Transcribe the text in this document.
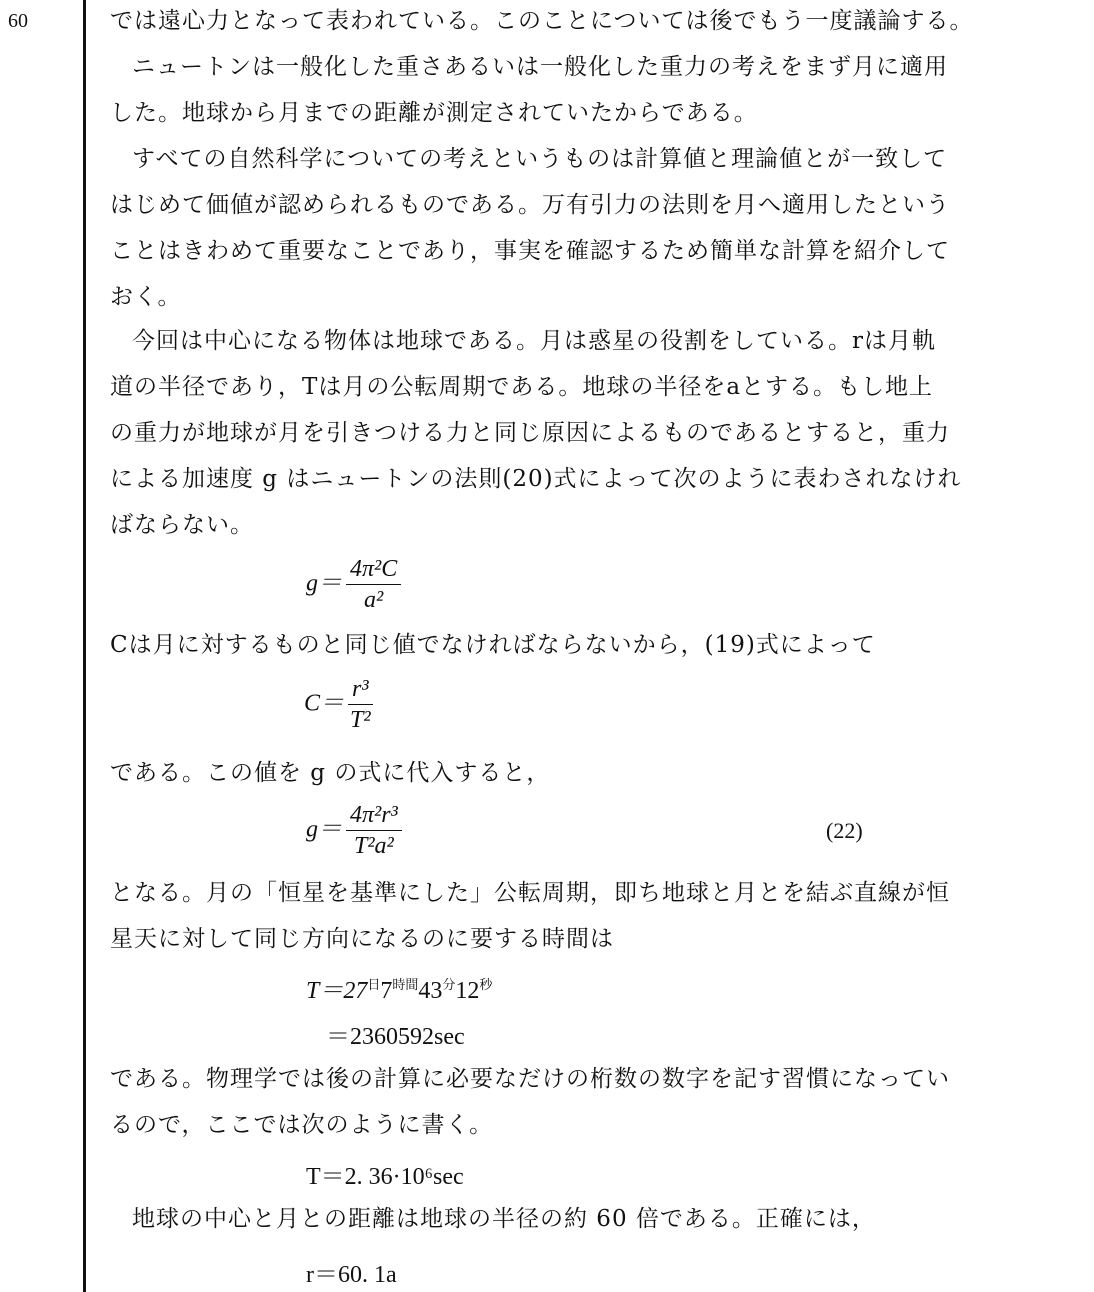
60	では遠心力となって表われている。このことについては後でもう一度議論する。
ニュートンは一般化した重さあるいは一般化した重力の考えをまず月に適用
した。地球から月までの距離が測定されていたからである。
すべての自然科学についての考えというものは計算値と理論値とが一致して
はじめて価値が認められるものである。万有引力の法則を月へ適用したという
ことはきわめて重要なことであり，事実を確認するため簡単な計算を紹介して
おく。
今回は中心になる物体は地球である。月は惑星の役割をしている。rは月軌
道の半径であり，Tは月の公転周期である。地球の半径をaとする。もし地上
の重力が地球が月を引きつける力と同じ原因によるものであるとすると，重力
による加速度 g はニュートンの法則(20)式によって次のように表わされなけれ
ばならない。
$g= \frac{\text{4π²C}}{\text{a²}}$
Cは月に対するものと同じ値でなければならないから，(19)式によって
$C= \frac{\text{r³}}{\text{T²}}$
である。この値を g の式に代入すると，
$g= \frac{\text{4π²r³}}{\text{T²a²}}$	(22)
となる。月の「恒星を基準にした」公転周期，即ち地球と月とを結ぶ直線が恒
星天に対して同じ方向になるのに要する時間は
$T=27^日7^{時間}43^分12^秒$
＝2360592sec
である。物理学では後の計算に必要なだけの桁数の数字を記す習慣になってい
るので，ここでは次のように書く。
T＝2. 36·10⁶sec
地球の中心と月との距離は地球の半径の約 60 倍である。正確には，
r＝60. 1a
